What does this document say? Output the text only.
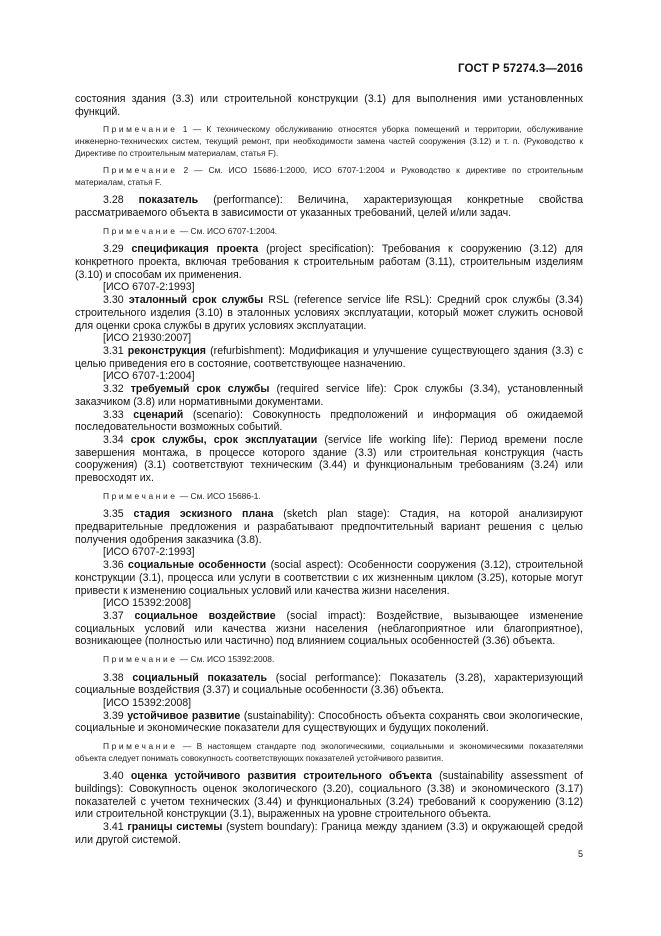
ГОСТ Р 57274.3—2016

состояния здания (3.3) или строительной конструкции (3.1) для выполнения ими установленных функций.

Примечание 1 — К техническому обслуживанию относятся уборка помещений и территории, обслуживание инженерно-технических систем, текущий ремонт, при необходимости замена частей сооружения (3.12) и т. п. (Руководство к Директиве по строительным материалам, статья F).

Примечание 2 — См. ИСО 15686-1:2000, ИСО 6707-1:2004 и Руководство к директиве по строительным материалам, статья F.

3.28 показатель (performance): Величина, характеризующая конкретные свойства рассматриваемого объекта в зависимости от указанных требований, целей и/или задач.

Примечание — См. ИСО 6707-1:2004.

3.29 спецификация проекта (project specification): Требования к сооружению (3.12) для конкретного проекта, включая требования к строительным работам (3.11), строительным изделиям (3.10) и способам их применения.

[ИСО 6707-2:1993]

3.30 эталонный срок службы RSL (reference service life RSL): Средний срок службы (3.34) строительного изделия (3.10) в эталонных условиях эксплуатации, который может служить основой для оценки срока службы в других условиях эксплуатации.

[ИСО 21930:2007]

3.31 реконструкция (refurbishment): Модификация и улучшение существующего здания (3.3) с целью приведения его в состояние, соответствующее назначению.

[ИСО 6707-1:2004]

3.32 требуемый срок службы (required service life): Срок службы (3.34), установленный заказчиком (3.8) или нормативными документами.

3.33 сценарий (scenario): Совокупность предположений и информация об ожидаемой последовательности возможных событий.

3.34 срок службы, срок эксплуатации (service life working life): Период времени после завершения монтажа, в процессе которого здание (3.3) или строительная конструкция (часть сооружения) (3.1) соответствуют техническим (3.44) и функциональным требованиям (3.24) или превосходят их.

Примечание — См. ИСО 15686-1.

3.35 стадия эскизного плана (sketch plan stage): Стадия, на которой анализируют предварительные предложения и разрабатывают предпочтительный вариант решения с целью получения одобрения заказчика (3.8).

[ИСО 6707-2:1993]

3.36 социальные особенности (social aspect): Особенности сооружения (3.12), строительной конструкции (3.1), процесса или услуги в соответствии с их жизненным циклом (3.25), которые могут привести к изменению социальных условий или качества жизни населения.

[ИСО 15392:2008]

3.37 социальное воздействие (social impact): Воздействие, вызывающее изменение социальных условий или качества жизни населения (неблагоприятное или благоприятное), возникающее (полностью или частично) под влиянием социальных особенностей (3.36) объекта.

Примечание — См. ИСО 15392:2008.

3.38 социальный показатель (social performance): Показатель (3.28), характеризующий социальные воздействия (3.37) и социальные особенности (3.36) объекта.

[ИСО 15392:2008]

3.39 устойчивое развитие (sustainability): Способность объекта сохранять свои экологические, социальные и экономические показатели для существующих и будущих поколений.

Примечание — В настоящем стандарте под экологическими, социальными и экономическими показателями объекта следует понимать совокупность соответствующих показателей устойчивого развития.

3.40 оценка устойчивого развития строительного объекта (sustainability assessment of buildings): Совокупность оценок экологического (3.20), социального (3.38) и экономического (3.17) показателей с учетом технических (3.44) и функциональных (3.24) требований к сооружению (3.12) или строительной конструкции (3.1), выраженных на уровне строительного объекта.

3.41 границы системы (system boundary): Граница между зданием (3.3) и окружающей средой или другой системой.

5
